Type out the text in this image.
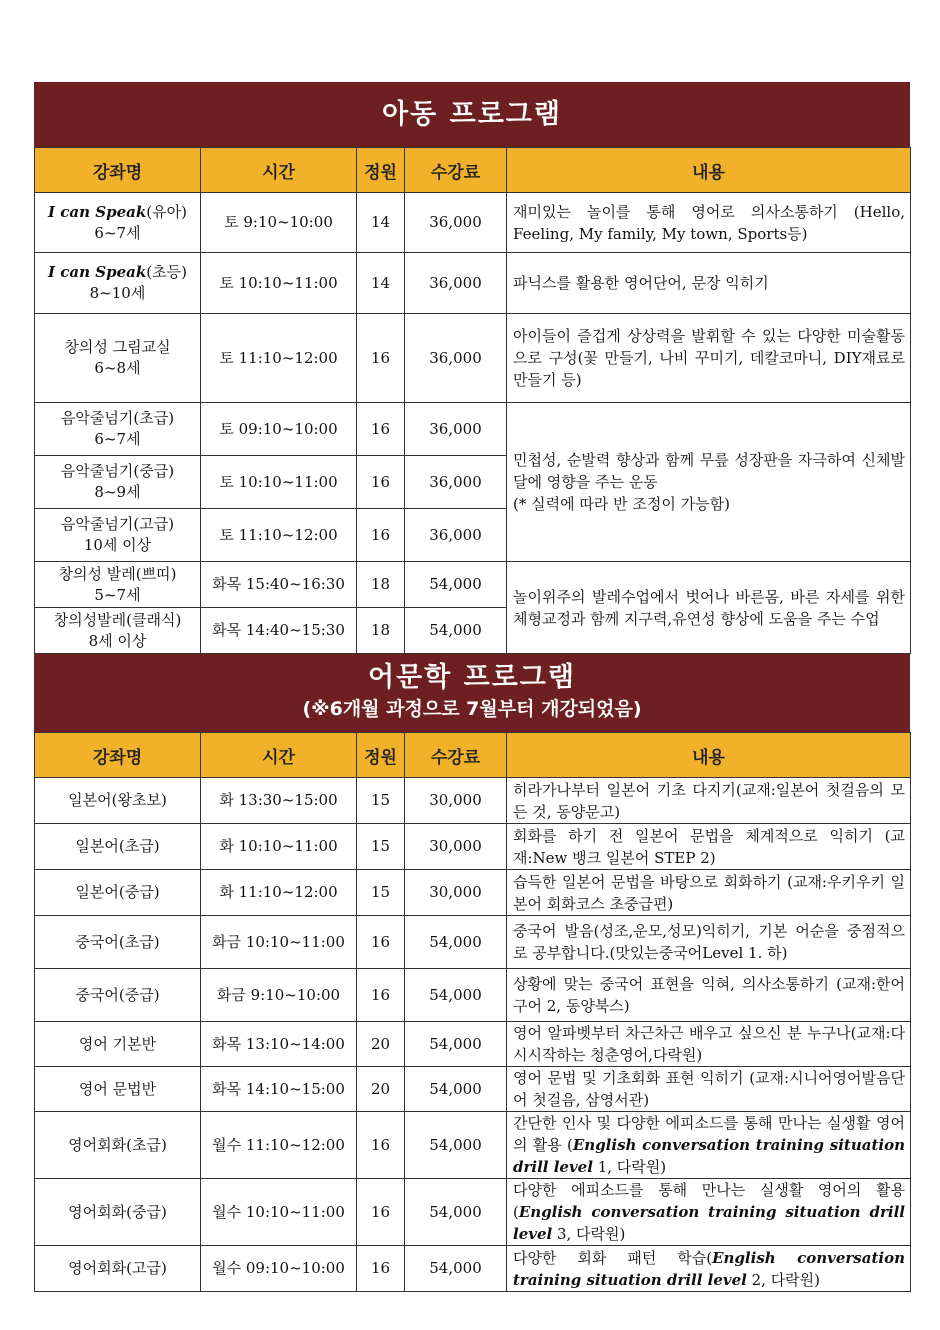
아동 프로그램
강좌명	시간	정원	수강료	내용
I can Speak(유아)
6~7세	토 9:10~10:00	14	36,000	재미있는 놀이를 통해 영어로 의사소통하기 (Hello, Feeling, My family, My town, Sports등)
I can Speak(초등)
8~10세	토 10:10~11:00	14	36,000	파닉스를 활용한 영어단어, 문장 익히기
창의성 그림교실
6~8세	토 11:10~12:00	16	36,000	아이들이 즐겁게 상상력을 발휘할 수 있는 다양한 미술활동으로 구성(꽃 만들기, 나비 꾸미기, 데칼코마니, DIY재료로 만들기 등)
음악줄넘기(초급)
6~7세	토 09:10~10:00	16	36,000	민첩성, 순발력 향상과 함께 무릎 성장판을 자극하여 신체발달에 영향을 주는 운동
(* 실력에 따라 반 조정이 가능함)
음악줄넘기(중급)
8~9세	토 10:10~11:00	16	36,000	
음악줄넘기(고급)
10세 이상	토 11:10~12:00	16	36,000	
창의성 발레(쁘띠)
5~7세	화목 15:40~16:30	18	54,000	놀이위주의 발레수업에서 벗어나 바른몸, 바른 자세를 위한 체형교정과 함께 지구력,유연성 향상에 도움을 주는 수업
창의성발레(클래식)
8세 이상	화목 14:40~15:30	18	54,000	
어문학 프로그램
(※6개월 과정으로 7월부터 개강되었음)
강좌명	시간	정원	수강료	내용
일본어(왕초보)	화 13:30~15:00	15	30,000	히라가나부터 일본어 기초 다지기(교재:일본어 첫걸음의 모든 것, 동양문고)
일본어(초급)	화 10:10~11:00	15	30,000	회화를 하기 전 일본어 문법을 체계적으로 익히기 (교재:New 뱅크 일본어 STEP 2)
일본어(중급)	화 11:10~12:00	15	30,000	습득한 일본어 문법을 바탕으로 회화하기 (교재:우키우키 일본어 회화코스 초중급편)
중국어(초급)	화금 10:10~11:00	16	54,000	중국어 발음(성조,운모,성모)익히기, 기본 어순을 중점적으로 공부합니다.(맛있는중국어Level 1. 하)
중국어(중급)	화금 9:10~10:00	16	54,000	상황에 맞는 중국어 표현을 익혀, 의사소통하기 (교재:한어구어 2, 동양북스)
영어 기본반	화목 13:10~14:00	20	54,000	영어 알파벳부터 차근차근 배우고 싶으신 분 누구나(교재:다시시작하는 청춘영어,다락원)
영어 문법반	화목 14:10~15:00	20	54,000	영어 문법 및 기초회화 표현 익히기 (교재:시니어영어발음단어 첫걸음, 삼영서관)
영어회화(초급)	월수 11:10~12:00	16	54,000	간단한 인사 및 다양한 에피소드를 통해 만나는 실생활 영어의 활용 (English conversation training situation drill level 1, 다락원)
영어회화(중급)	월수 10:10~11:00	16	54,000	다양한 에피소드를 통해 만나는 실생활 영어의 활용(English conversation training situation drill level 3, 다락원)
영어회화(고급)	월수 09:10~10:00	16	54,000	다양한 회화 패턴 학습(English conversation training situation drill level 2, 다락원)
